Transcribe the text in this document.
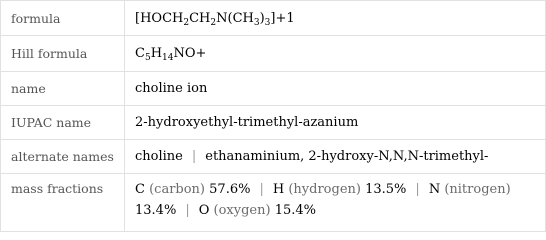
formula	$[HOCH_2CH_2N(CH_3)_3]+1$
Hill formula	$C_5H_{14}NO+$
name	choline ion
IUPAC name	2-hydroxyethyl-trimethyl-azanium
alternate names	choline | ethanaminium, 2-hydroxy-N,N,N-trimethyl-
mass fractions	C (carbon) 57.6% | H (hydrogen) 13.5% | N (nitrogen)
13.4% | O (oxygen) 15.4%
